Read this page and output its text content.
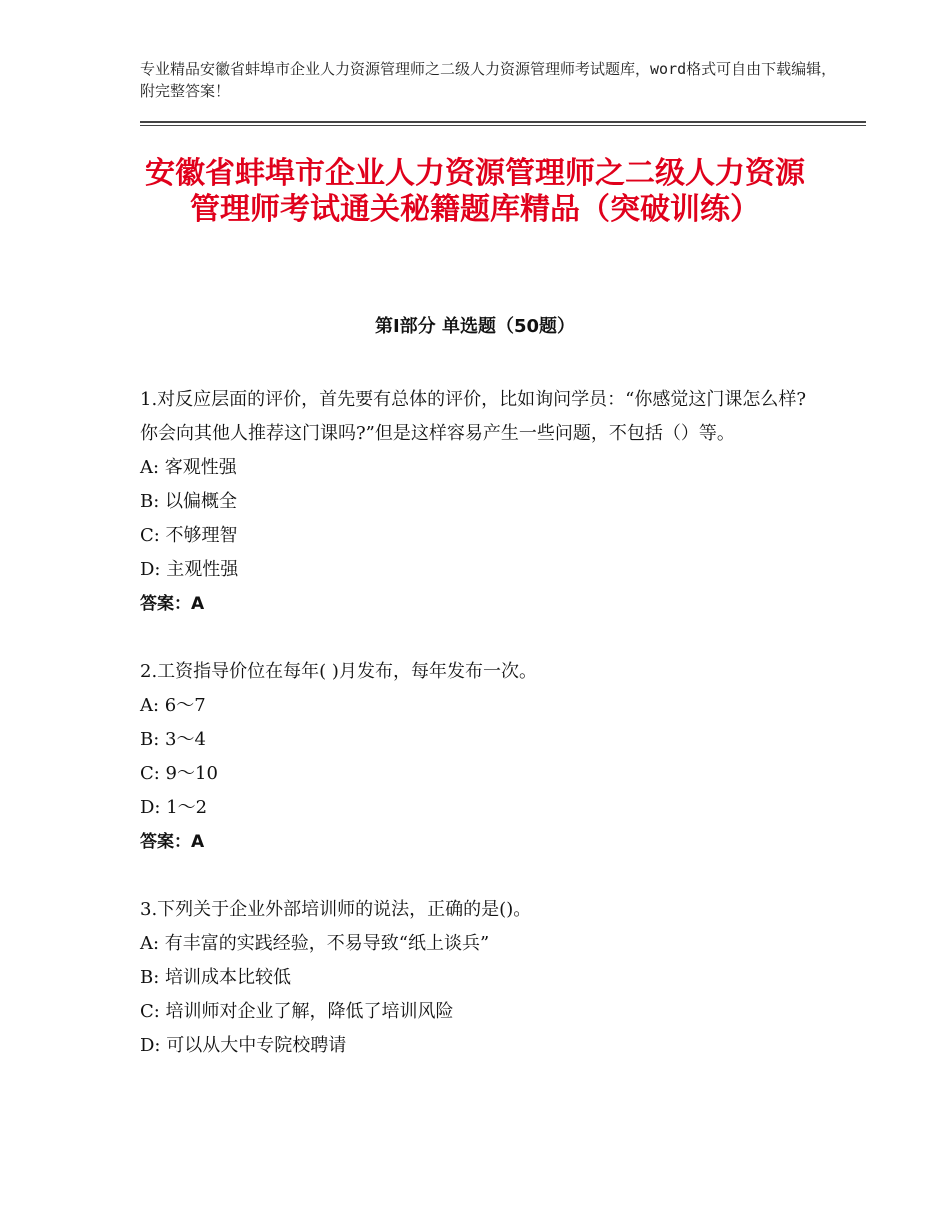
专业精品安徽省蚌埠市企业人力资源管理师之二级人力资源管理师考试题库，word格式可自由下载编辑，附完整答案！
安徽省蚌埠市企业人力资源管理师之二级人力资源管理师考试通关秘籍题库精品（突破训练）
第Ⅰ部分 单选题（50题）

1.对反应层面的评价，首先要有总体的评价，比如询问学员：“你感觉这门课怎么样?你会向其他人推荐这门课吗?”但是这样容易产生一些问题，不包括（）等。

A: 客观性强

B: 以偏概全

C: 不够理智

D: 主观性强

答案：A

2.工资指导价位在每年( )月发布，每年发布一次。

A: 6～7

B: 3～4

C: 9～10

D: 1～2

答案：A

3.下列关于企业外部培训师的说法，正确的是()。

A: 有丰富的实践经验，不易导致“纸上谈兵”

B: 培训成本比较低

C: 培训师对企业了解，降低了培训风险

D: 可以从大中专院校聘请
